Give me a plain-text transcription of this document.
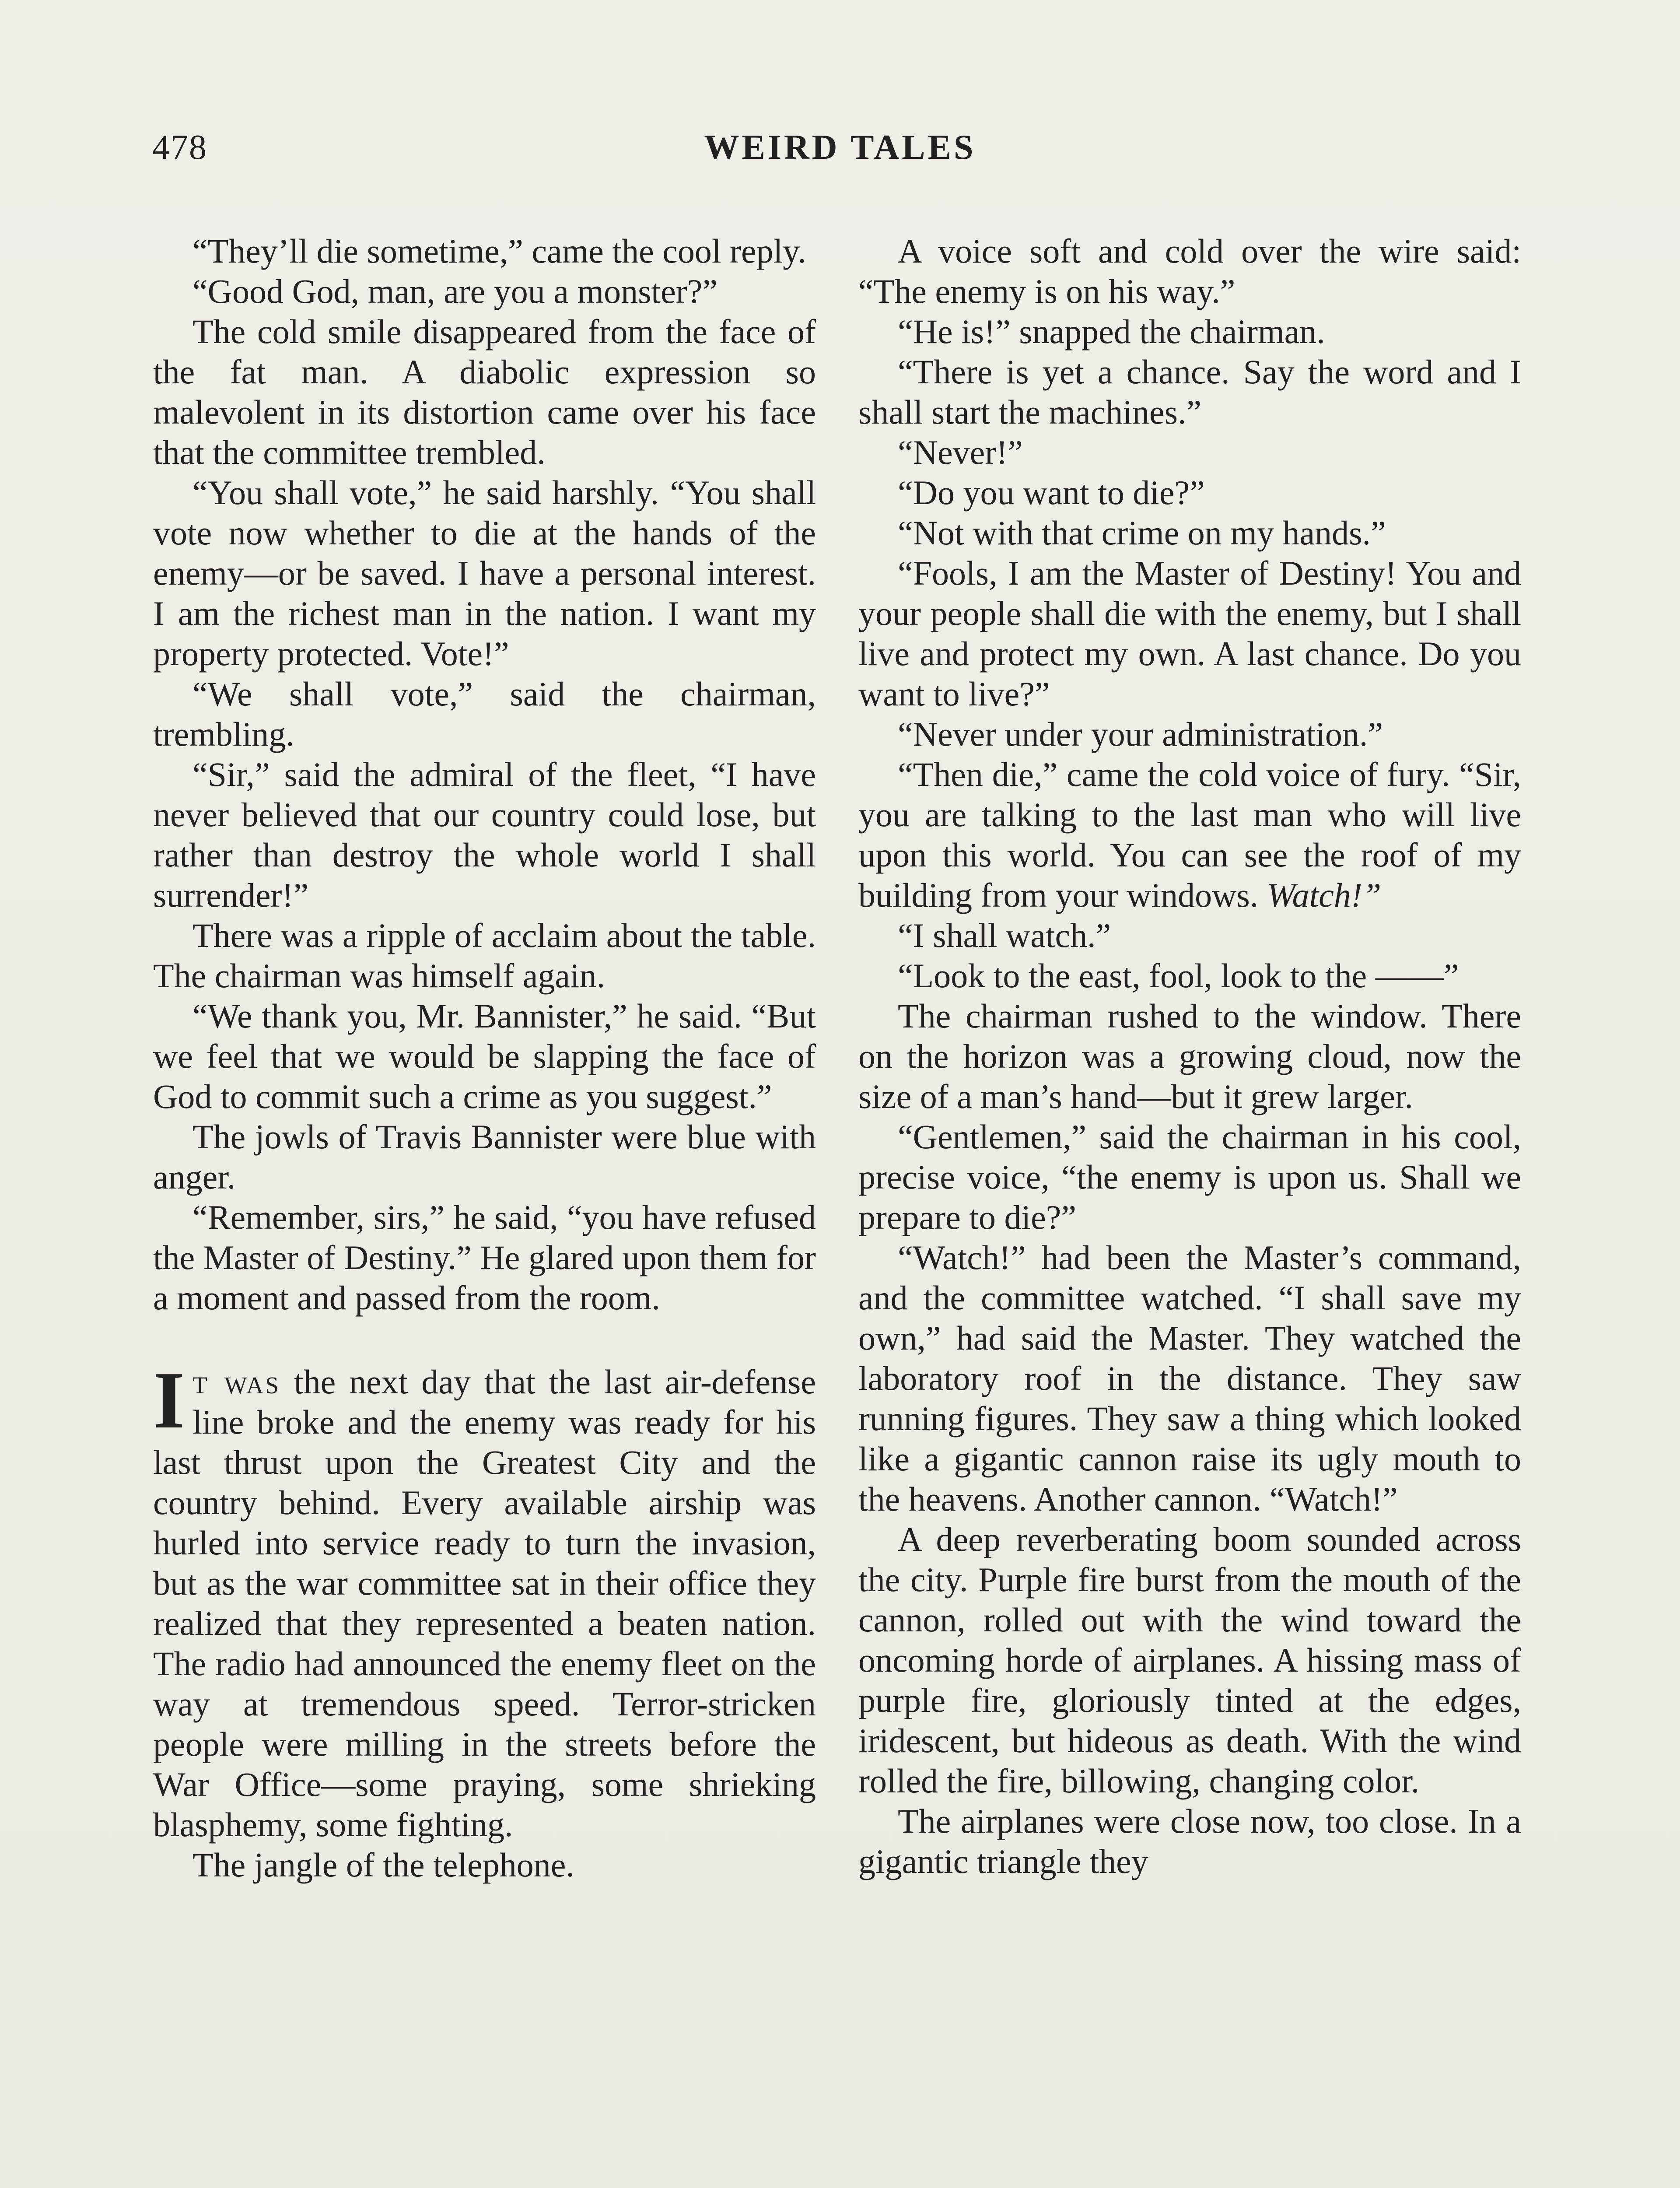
478	WEIRD TALES

“They’ll die sometime,” came the cool reply.

“Good God, man, are you a monster?”

The cold smile disappeared from the face of the fat man. A diabolic expression so malevolent in its distortion came over his face that the committee trembled.

“You shall vote,” he said harshly. “You shall vote now whether to die at the hands of the enemy—or be saved. I have a personal interest. I am the richest man in the nation. I want my property protected. Vote!”

“We shall vote,” said the chairman, trembling.

“Sir,” said the admiral of the fleet, “I have never believed that our country could lose, but rather than destroy the whole world I shall surrender!”

There was a ripple of acclaim about the table. The chairman was himself again.

“We thank you, Mr. Bannister,” he said. “But we feel that we would be slapping the face of God to commit such a crime as you suggest.”

The jowls of Travis Bannister were blue with anger.

“Remember, sirs,” he said, “you have refused the Master of Destiny.” He glared upon them for a moment and passed from the room.

It was the next day that the last air-defense line broke and the enemy was ready for his last thrust upon the Greatest City and the country behind. Every available airship was hurled into service ready to turn the invasion, but as the war committee sat in their office they realized that they represented a beaten nation. The radio had announced the enemy fleet on the way at tremendous speed. Terror-stricken people were milling in the streets before the War Office—some praying, some shrieking blasphemy, some fighting.

The jangle of the telephone.

A voice soft and cold over the wire said: “The enemy is on his way.”

“He is!” snapped the chairman.

“There is yet a chance. Say the word and I shall start the machines.”

“Never!”

“Do you want to die?”

“Not with that crime on my hands.”

“Fools, I am the Master of Destiny! You and your people shall die with the enemy, but I shall live and protect my own. A last chance. Do you want to live?”

“Never under your administration.”

“Then die,” came the cold voice of fury. “Sir, you are talking to the last man who will live upon this world. You can see the roof of my building from your windows. Watch!”

“I shall watch.”

“Look to the east, fool, look to the ——”

The chairman rushed to the window. There on the horizon was a growing cloud, now the size of a man’s hand—but it grew larger.

“Gentlemen,” said the chairman in his cool, precise voice, “the enemy is upon us. Shall we prepare to die?”

“Watch!” had been the Master’s command, and the committee watched. “I shall save my own,” had said the Master. They watched the laboratory roof in the distance. They saw running figures. They saw a thing which looked like a gigantic cannon raise its ugly mouth to the heavens. Another cannon. “Watch!”

A deep reverberating boom sounded across the city. Purple fire burst from the mouth of the cannon, rolled out with the wind toward the oncoming horde of airplanes. A hissing mass of purple fire, gloriously tinted at the edges, iridescent, but hideous as death. With the wind rolled the fire, billowing, changing color.

The airplanes were close now, too close. In a gigantic triangle they
